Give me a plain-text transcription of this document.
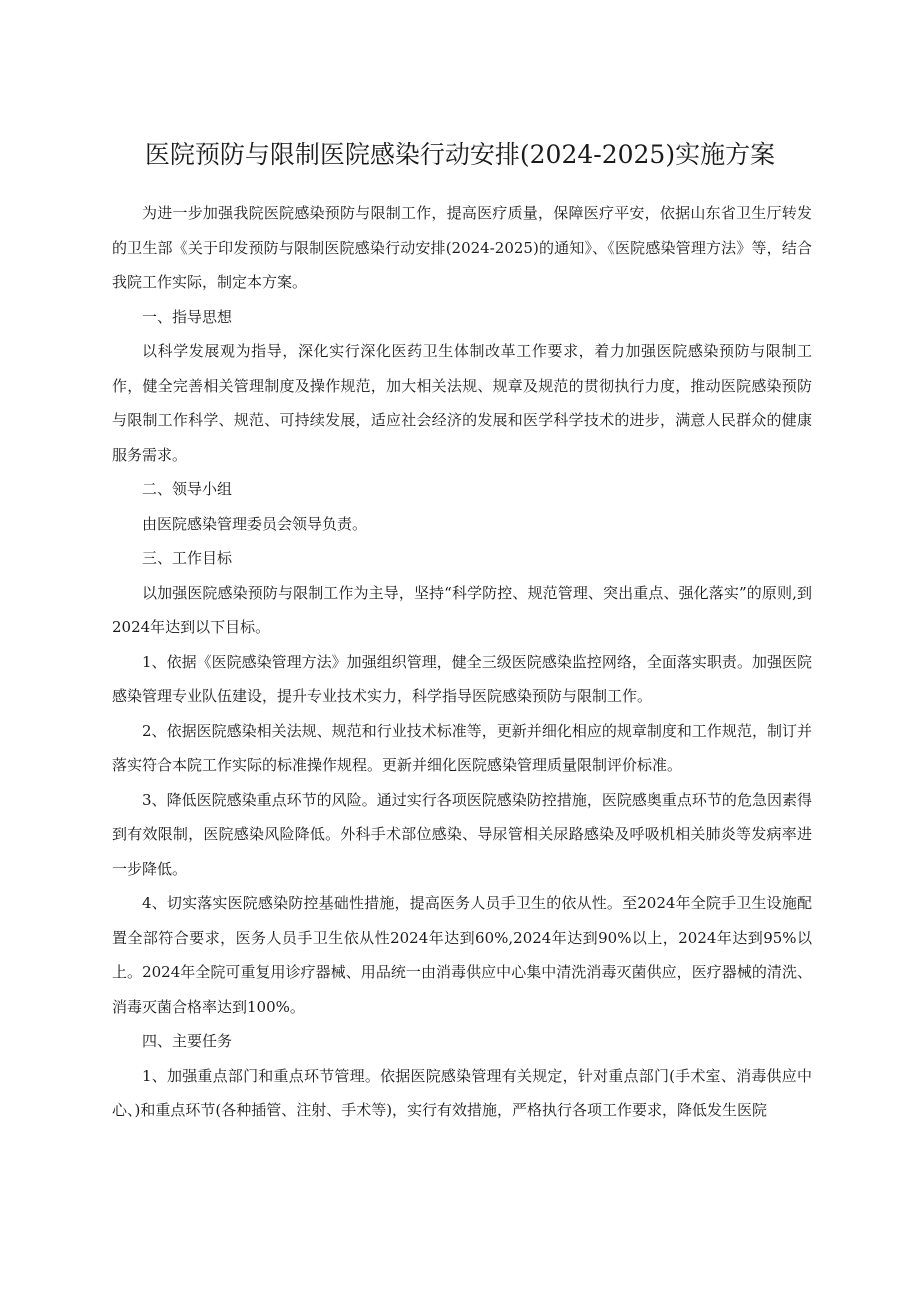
医院预防与限制医院感染行动安排(2024-2025)实施方案

为进一步加强我院医院感染预防与限制工作，提高医疗质量，保障医疗平安，依据山东省卫生厅转发的卫生部《关于印发预防与限制医院感染行动安排(2024-2025)的通知》、《医院感染管理方法》等，结合我院工作实际，制定本方案。

一、指导思想

以科学发展观为指导，深化实行深化医药卫生体制改革工作要求，着力加强医院感染预防与限制工作，健全完善相关管理制度及操作规范，加大相关法规、规章及规范的贯彻执行力度，推动医院感染预防与限制工作科学、规范、可持续发展，适应社会经济的发展和医学科学技术的进步，满意人民群众的健康服务需求。

二、领导小组

由医院感染管理委员会领导负责。

三、工作目标

以加强医院感染预防与限制工作为主导，坚持“科学防控、规范管理、突出重点、强化落实”的原则,到2024年达到以下目标。

1、依据《医院感染管理方法》加强组织管理，健全三级医院感染监控网络，全面落实职责。加强医院感染管理专业队伍建设，提升专业技术实力，科学指导医院感染预防与限制工作。

2、依据医院感染相关法规、规范和行业技术标准等，更新并细化相应的规章制度和工作规范，制订并落实符合本院工作实际的标准操作规程。更新并细化医院感染管理质量限制评价标准。

3、降低医院感染重点环节的风险。通过实行各项医院感染防控措施，医院感奥重点环节的危急因素得到有效限制，医院感染风险降低。外科手术部位感染、导尿管相关尿路感染及呼吸机相关肺炎等发病率进一步降低。

4、切实落实医院感染防控基础性措施，提高医务人员手卫生的依从性。至2024年全院手卫生设施配置全部符合要求，医务人员手卫生依从性2024年达到60%,2024年达到90%以上，2024年达到95%以上。2024年全院可重复用诊疗器械、用品统一由消毒供应中心集中清洗消毒灭菌供应，医疗器械的清洗、消毒灭菌合格率达到100%。

四、主要任务

1、加强重点部门和重点环节管理。依据医院感染管理有关规定，针对重点部门(手术室、消毒供应中心、)和重点环节(各种插管、注射、手术等)，实行有效措施，严格执行各项工作要求，降低发生医院
